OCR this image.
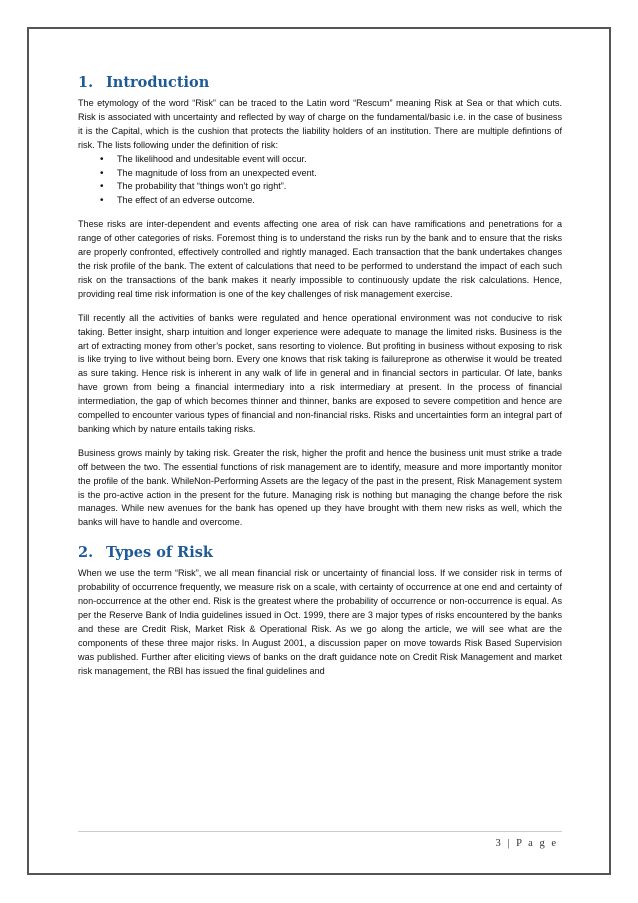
1. Introduction

The etymology of the word “Risk” can be traced to the Latin word “Rescum” meaning Risk at Sea or that which cuts. Risk is associated with uncertainty and reflected by way of charge on the fundamental/basic i.e. in the case of business it is the Capital, which is the cushion that protects the liability holders of an institution. There are multiple defintions of risk. The lists following under the definition of risk:

• The likelihood and undesitable event will occur.
• The magnitude of loss from an unexpected event.
• The probability that “things won’t go right”.
• The effect of an edverse outcome.

These risks are inter-dependent and events affecting one area of risk can have ramifications and penetrations for a range of other categories of risks. Foremost thing is to understand the risks run by the bank and to ensure that the risks are properly confronted, effectively controlled and rightly managed. Each transaction that the bank undertakes changes the risk profile of the bank. The extent of calculations that need to be performed to understand the impact of each such risk on the transactions of the bank makes it nearly impossible to continuously update the risk calculations. Hence, providing real time risk information is one of the key challenges of risk management exercise.

Till recently all the activities of banks were regulated and hence operational environment was not conducive to risk taking. Better insight, sharp intuition and longer experience were adequate to manage the limited risks. Business is the art of extracting money from other’s pocket, sans resorting to violence. But profiting in business without exposing to risk is like trying to live without being born. Every one knows that risk taking is failureprone as otherwise it would be treated as sure taking. Hence risk is inherent in any walk of life in general and in financial sectors in particular. Of late, banks have grown from being a financial intermediary into a risk intermediary at present. In the process of financial intermediation, the gap of which becomes thinner and thinner, banks are exposed to severe competition and hence are compelled to encounter various types of financial and non-financial risks. Risks and uncertainties form an integral part of banking which by nature entails taking risks.

Business grows mainly by taking risk. Greater the risk, higher the profit and hence the business unit must strike a trade off between the two. The essential functions of risk management are to identify, measure and more importantly monitor the profile of the bank. WhileNon-Performing Assets are the legacy of the past in the present, Risk Management system is the pro-active action in the present for the future. Managing risk is nothing but managing the change before the risk manages. While new avenues for the bank has opened up they have brought with them new risks as well, which the banks will have to handle and overcome.

2. Types of Risk

When we use the term “Risk”, we all mean financial risk or uncertainty of financial loss. If we consider risk in terms of probability of occurrence frequently, we measure risk on a scale, with certainty of occurrence at one end and certainty of non-occurrence at the other end. Risk is the greatest where the probability of occurrence or non-occurrence is equal. As per the Reserve Bank of India guidelines issued in Oct. 1999, there are 3 major types of risks encountered by the banks and these are Credit Risk, Market Risk & Operational Risk. As we go along the article, we will see what are the components of these three major risks. In August 2001, a discussion paper on move towards Risk Based Supervision was published. Further after eliciting views of banks on the draft guidance note on Credit Risk Management and market risk management, the RBI has issued the final guidelines and

3 | P a g e
